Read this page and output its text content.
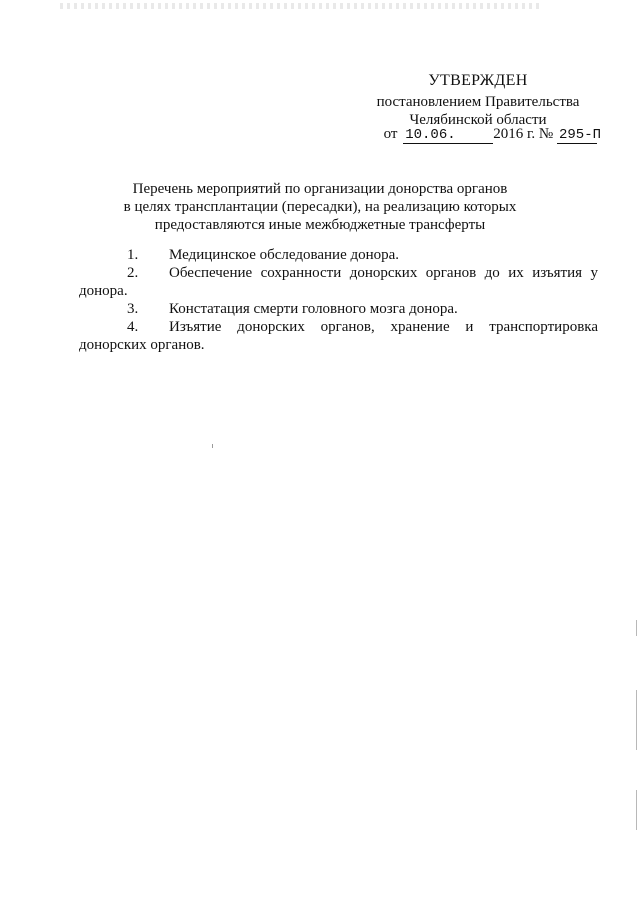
УТВЕРЖДЕН
постановлением Правительства
Челябинской области
от 10.06.	2016 г. № 295-П
Перечень мероприятий по организации донорства органов
в целях трансплантации (пересадки), на реализацию которых
предоставляются иные межбюджетные трансферты
1. Медицинское обследование донора.
2. Обеспечение сохранности донорских органов до их изъятия у донора.
3. Констатация смерти головного мозга донора.
4. Изъятие донорских органов, хранение и транспортировка донорских органов.
